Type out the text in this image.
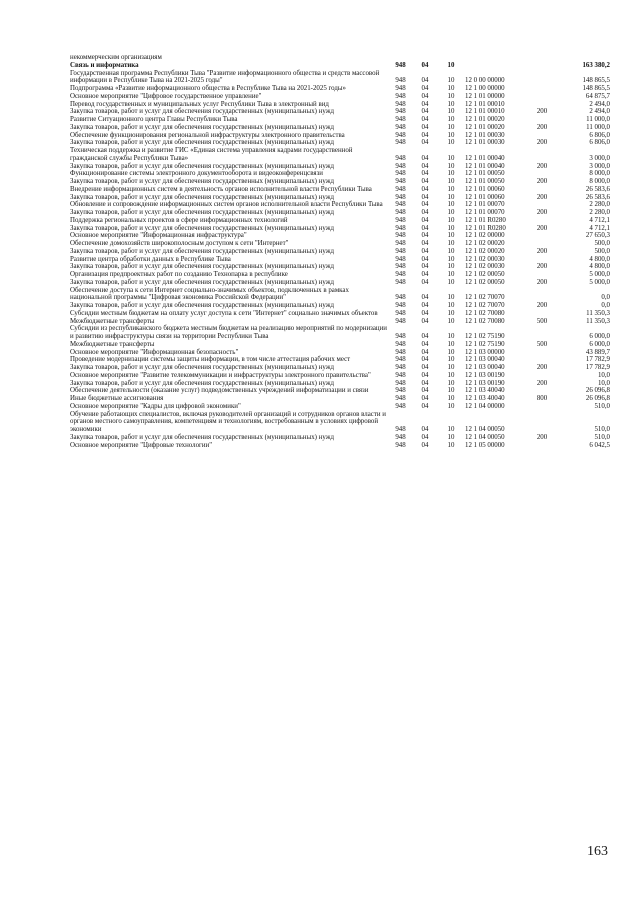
некоммерческим организациям						
Связь и информатика	948	04	10			163 380,2
Государственная программа Республики Тыва "Развитие информационного общества и средств массовой информации в Республике Тыва на 2021-2025 годы"	948	04	10	12 0 00 00000		148 865,5
Подпрограмма «Развитие информационного общества в Республике Тыва на 2021-2025 годы»	948	04	10	12 1 00 00000		148 865,5
Основное мероприятие "Цифровое государственное управление"	948	04	10	12 1 01 00000		64 875,7
Перевод государственных и муниципальных услуг Республики Тыва в электронный вид	948	04	10	12 1 01 00010		2 494,0
Закупка товаров, работ и услуг для обеспечения государственных (муниципальных) нужд	948	04	10	12 1 01 00010	200	2 494,0
Развитие Ситуационного центра Главы Республики Тыва	948	04	10	12 1 01 00020		11 000,0
Закупка товаров, работ и услуг для обеспечения государственных (муниципальных) нужд	948	04	10	12 1 01 00020	200	11 000,0
Обеспечение функционирования региональной инфраструктуры электронного правительства	948	04	10	12 1 01 00030		6 806,0
Закупка товаров, работ и услуг для обеспечения государственных (муниципальных) нужд	948	04	10	12 1 01 00030	200	6 806,0
Техническая поддержка и развитие ГИС «Единая система управления кадрами государственной гражданской службы Республики Тыва»	948	04	10	12 1 01 00040		3 000,0
Закупка товаров, работ и услуг для обеспечения государственных (муниципальных) нужд	948	04	10	12 1 01 00040	200	3 000,0
Функционирование системы электронного документооборота и видеоконференцсвязи	948	04	10	12 1 01 00050		8 000,0
Закупка товаров, работ и услуг для обеспечения государственных (муниципальных) нужд	948	04	10	12 1 01 00050	200	8 000,0
Внедрение информационных систем в деятельность органов исполнительной власти Республики Тыва	948	04	10	12 1 01 00060		26 583,6
Закупка товаров, работ и услуг для обеспечения государственных (муниципальных) нужд	948	04	10	12 1 01 00060	200	26 583,6
Обновление и сопровождение информационных систем органов исполнительной власти Республики Тыва	948	04	10	12 1 01 00070		2 280,0
Закупка товаров, работ и услуг для обеспечения государственных (муниципальных) нужд	948	04	10	12 1 01 00070	200	2 280,0
Поддержка региональных проектов в сфере информационных технологий	948	04	10	12 1 01 R0280		4 712,1
Закупка товаров, работ и услуг для обеспечения государственных (муниципальных) нужд	948	04	10	12 1 01 R0280	200	4 712,1
Основное мероприятие "Информационная инфраструктура"	948	04	10	12 1 02 00000		27 650,3
Обеспечение домохозяйств широкополосным доступом к сети "Интернет"	948	04	10	12 1 02 00020		500,0
Закупка товаров, работ и услуг для обеспечения государственных (муниципальных) нужд	948	04	10	12 1 02 00020	200	500,0
Развитие центра обработки данных в Республике Тыва	948	04	10	12 1 02 00030		4 800,0
Закупка товаров, работ и услуг для обеспечения государственных (муниципальных) нужд	948	04	10	12 1 02 00030	200	4 800,0
Организация предпроектных работ по созданию Технопарка в республике	948	04	10	12 1 02 00050		5 000,0
Закупка товаров, работ и услуг для обеспечения государственных (муниципальных) нужд	948	04	10	12 1 02 00050	200	5 000,0
Обеспечение доступа к сети Интернет социально-значимых объектов, подключенных в рамках национальной программы "Цифровая экономика Российской Федерации"	948	04	10	12 1 02 70070		0,0
Закупка товаров, работ и услуг для обеспечения государственных (муниципальных) нужд	948	04	10	12 1 02 70070	200	0,0
Субсидии местным бюджетам на оплату услуг доступа к сети "Интернет" социально значимых объектов	948	04	10	12 1 02 70080		11 350,3
Межбюджетные трансферты	948	04	10	12 1 02 70080	500	11 350,3
Субсидии из республиканского бюджета местным бюджетам на реализацию мероприятий по модернизации и развитию инфраструктуры связи на территории Республики Тыва	948	04	10	12 1 02 75190		6 000,0
Межбюджетные трансферты	948	04	10	12 1 02 75190	500	6 000,0
Основное мероприятие "Информационная безопасность"	948	04	10	12 1 03 00000		43 889,7
Проведение модернизации системы защиты информации, в том числе аттестация рабочих мест	948	04	10	12 1 03 00040		17 782,9
Закупка товаров, работ и услуг для обеспечения государственных (муниципальных) нужд	948	04	10	12 1 03 00040	200	17 782,9
Основное мероприятие "Развитие телекоммуникации и инфраструктуры электронного правительства"	948	04	10	12 1 03 00190		10,0
Закупка товаров, работ и услуг для обеспечения государственных (муниципальных) нужд	948	04	10	12 1 03 00190	200	10,0
Обеспечение деятельности (оказание услуг) подведомственных учреждений информатизации и связи	948	04	10	12 1 03 40040		26 096,8
Иные бюджетные ассигнования	948	04	10	12 1 03 40040	800	26 096,8
Основное мероприятие "Кадры для цифровой экономики"	948	04	10	12 1 04 00000		510,0
Обучение работающих специалистов, включая руководителей организаций и сотрудников органов власти и органов местного самоуправления, компетенциям и технологиям, востребованным в условиях цифровой экономики	948	04	10	12 1 04 00050		510,0
Закупка товаров, работ и услуг для обеспечения государственных (муниципальных) нужд	948	04	10	12 1 04 00050	200	510,0
Основное мероприятие "Цифровые технологии"	948	04	10	12 1 05 00000		6 042,5
163
